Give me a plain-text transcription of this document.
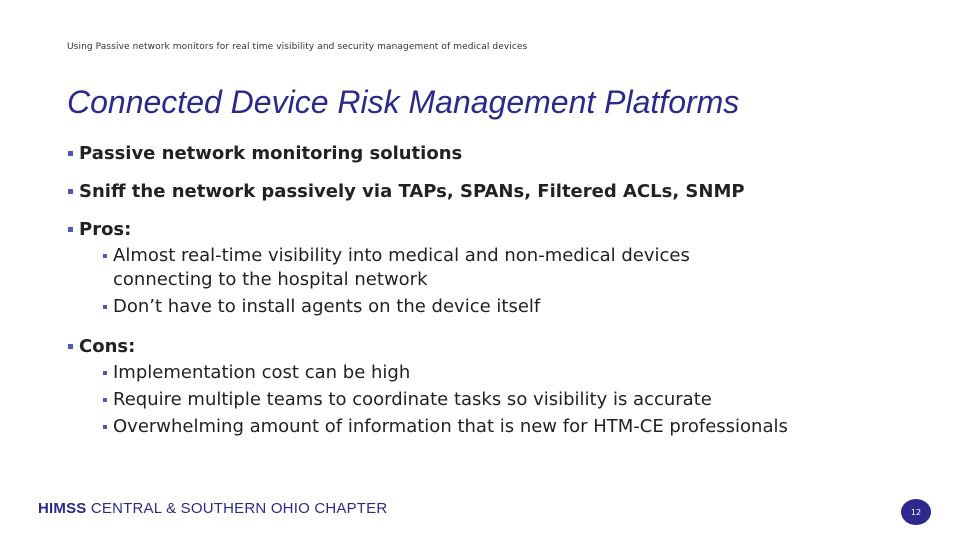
Using Passive network monitors for real time visibility and security management of medical devices
Connected Device Risk Management Platforms
Passive network monitoring solutions
Sniff the network passively via TAPs, SPANs, Filtered ACLs, SNMP
Pros:
Almost real-time visibility into medical and non-medical devices connecting to the hospital network
Don’t have to install agents on the device itself
Cons:
Implementation cost can be high
Require multiple teams to coordinate tasks so visibility is accurate
Overwhelming amount of information that is new for HTM-CE professionals
HIMSS CENTRAL & SOUTHERN OHIO CHAPTER	12
